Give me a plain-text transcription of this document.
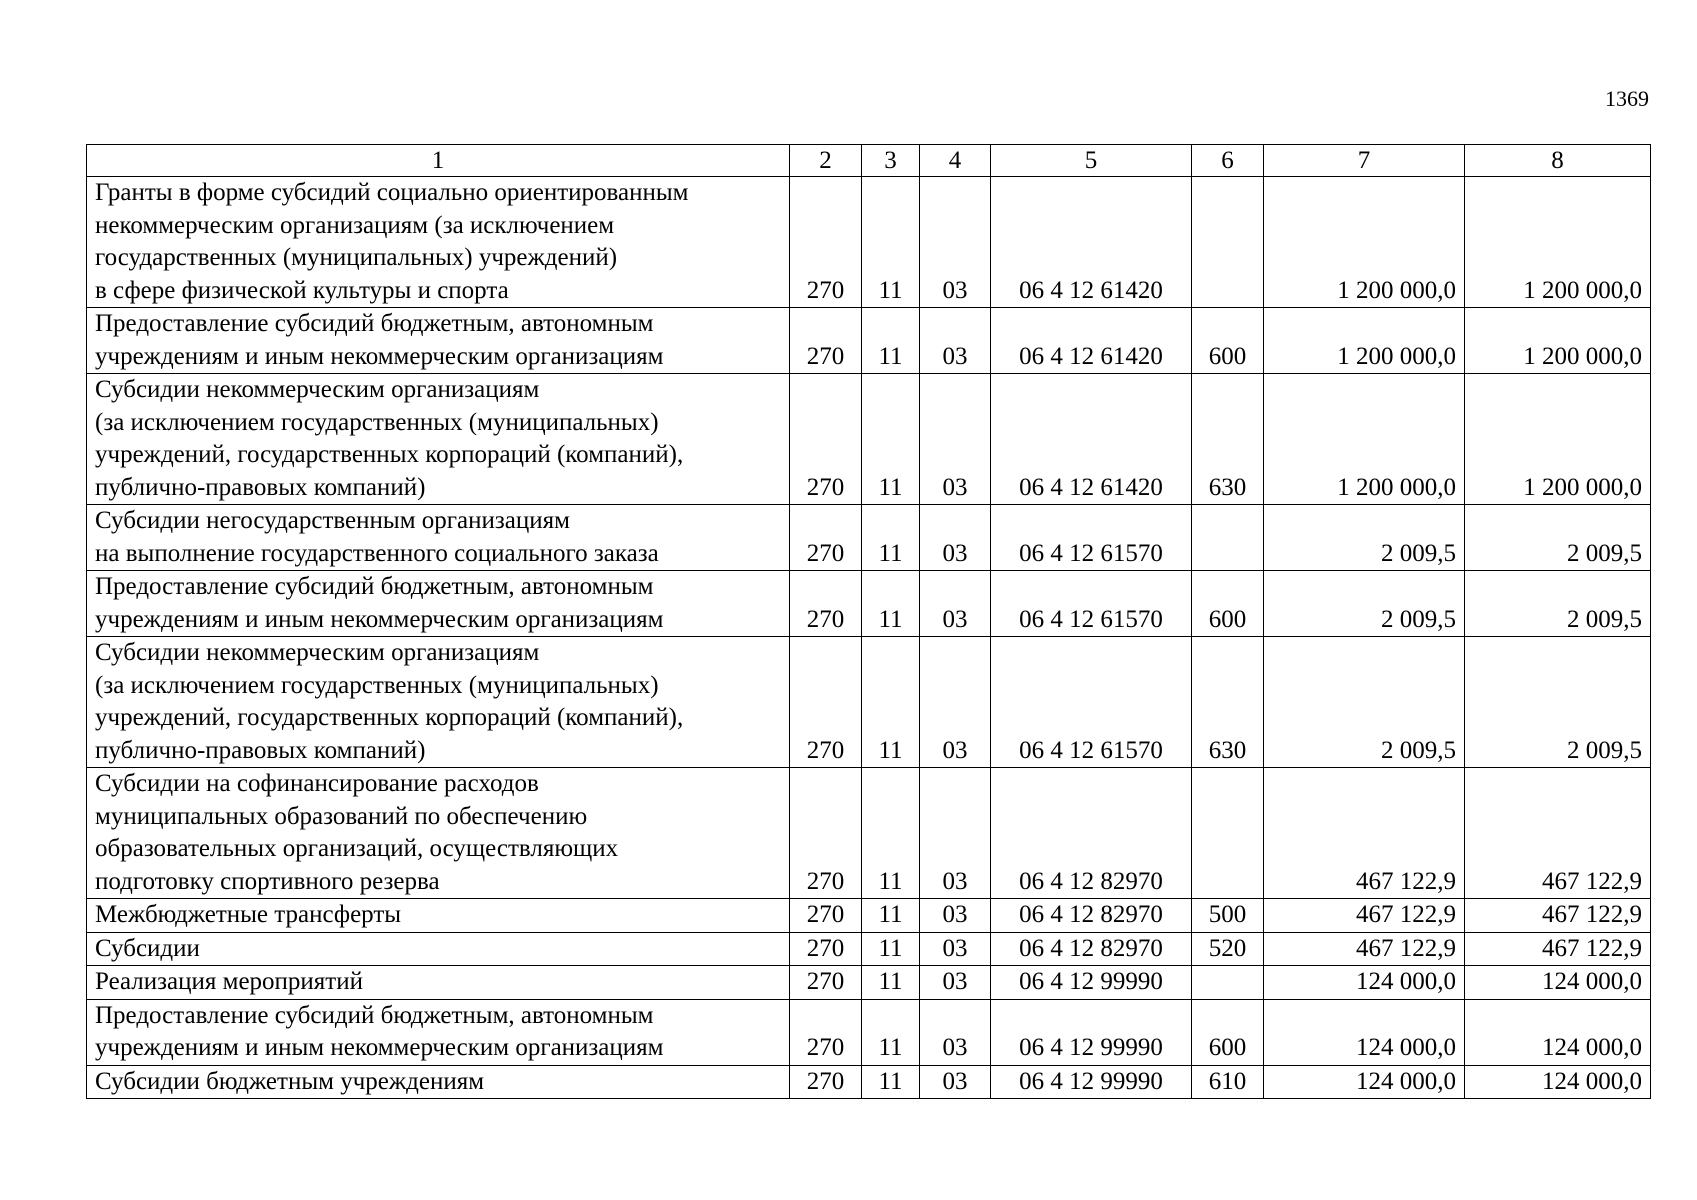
1369
1	2	3	4	5	6	7	8

Гранты в форме субсидий социально ориентированным
некоммерческим организациям (за исключением
государственных (муниципальных) учреждений)
в сфере физической культуры и спорта	270	11	03	06 4 12 61420		1 200 000,0	1 200 000,0

Предоставление субсидий бюджетным, автономным
учреждениям и иным некоммерческим организациям	270	11	03	06 4 12 61420	600	1 200 000,0	1 200 000,0

Субсидии некоммерческим организациям
(за исключением государственных (муниципальных)
учреждений, государственных корпораций (компаний),
публично-правовых компаний)	270	11	03	06 4 12 61420	630	1 200 000,0	1 200 000,0

Субсидии негосударственным организациям
на выполнение государственного социального заказа	270	11	03	06 4 12 61570		2 009,5	2 009,5

Предоставление субсидий бюджетным, автономным
учреждениям и иным некоммерческим организациям	270	11	03	06 4 12 61570	600	2 009,5	2 009,5

Субсидии некоммерческим организациям
(за исключением государственных (муниципальных)
учреждений, государственных корпораций (компаний),
публично-правовых компаний)	270	11	03	06 4 12 61570	630	2 009,5	2 009,5

Субсидии на софинансирование расходов
муниципальных образований по обеспечению
образовательных организаций, осуществляющих
подготовку спортивного резерва	270	11	03	06 4 12 82970		467 122,9	467 122,9

Межбюджетные трансферты	270	11	03	06 4 12 82970	500	467 122,9	467 122,9

Субсидии	270	11	03	06 4 12 82970	520	467 122,9	467 122,9

Реализация мероприятий	270	11	03	06 4 12 99990		124 000,0	124 000,0

Предоставление субсидий бюджетным, автономным
учреждениям и иным некоммерческим организациям	270	11	03	06 4 12 99990	600	124 000,0	124 000,0

Субсидии бюджетным учреждениям	270	11	03	06 4 12 99990	610	124 000,0	124 000,0
